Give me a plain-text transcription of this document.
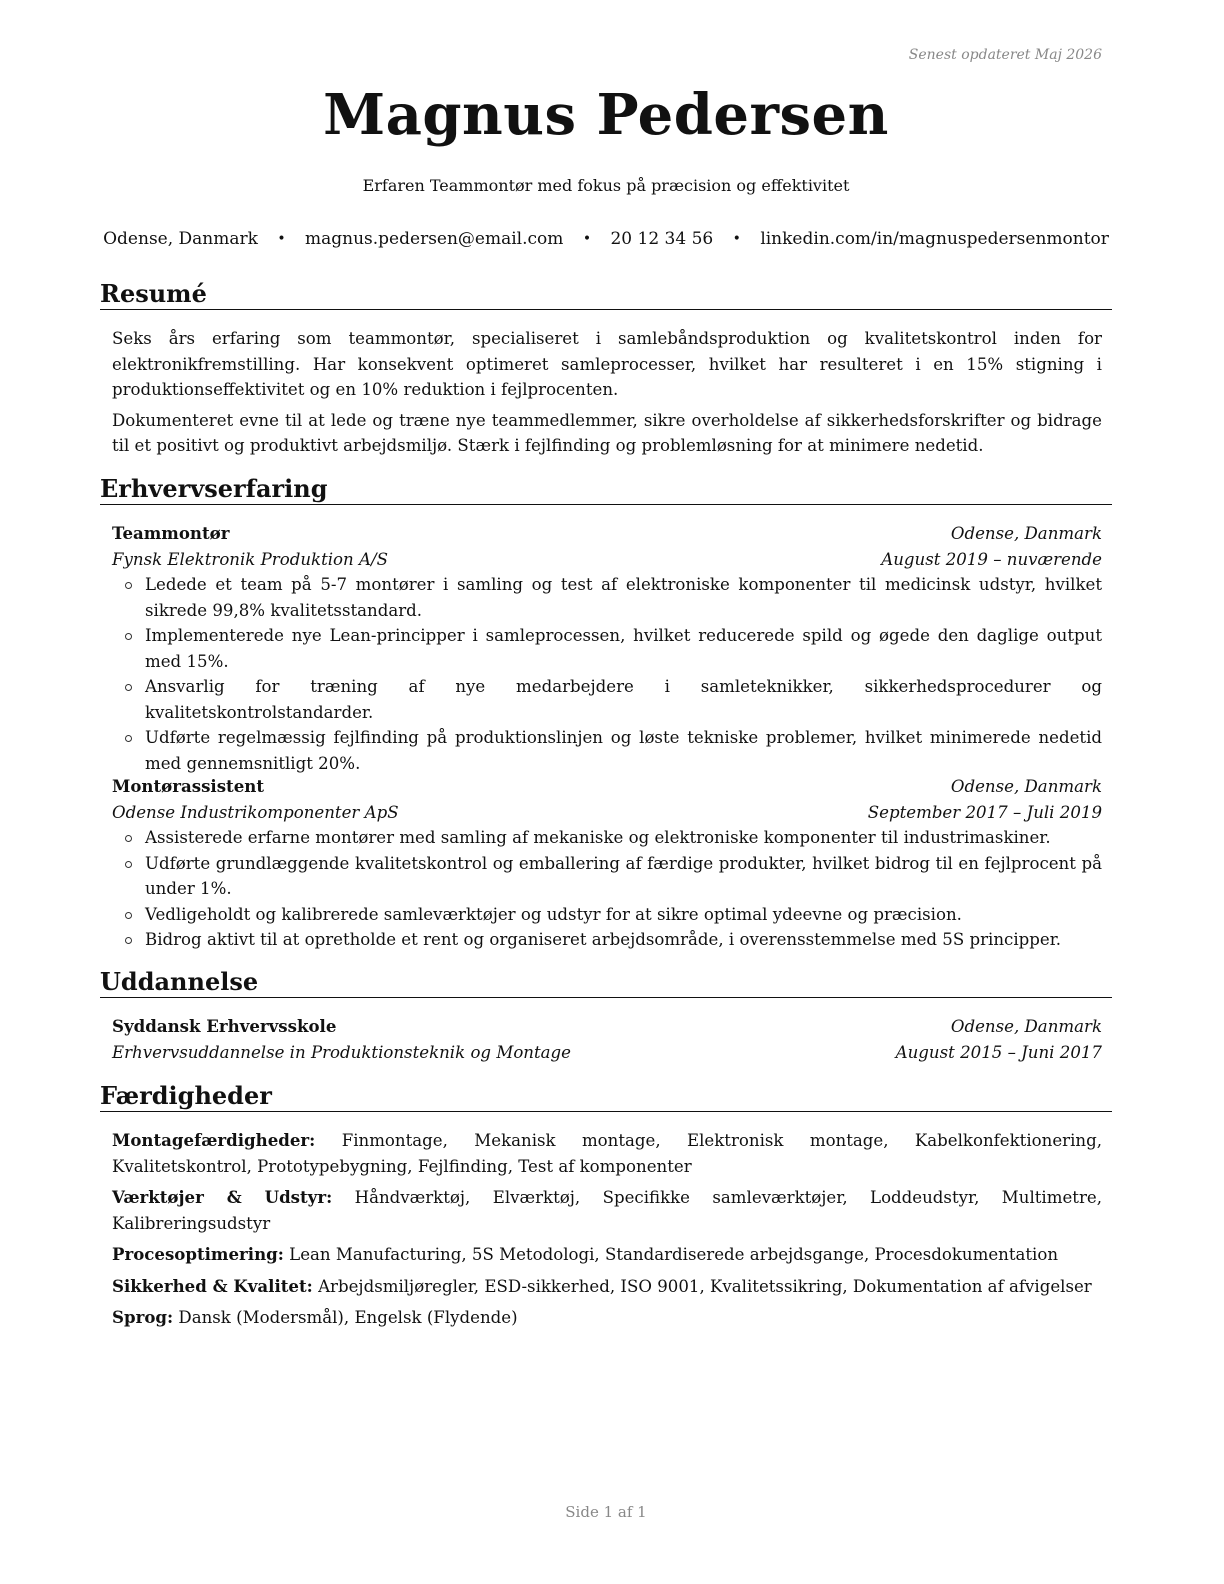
Senest opdateret Maj 2026
Magnus Pedersen
Erfaren Teammontør med fokus på præcision og effektivitet
Odense, Danmark • magnus.pedersen@email.com • 20 12 34 56 • linkedin.com/in/magnuspedersenmontor
Resumé

Seks års erfaring som teammontør, specialiseret i samlebåndsproduktion og kvalitetskontrol inden for elektronikfremstilling. Har konsekvent optimeret samleprocesser, hvilket har resulteret i en 15% stigning i produktionseffektivitet og en 10% reduktion i fejlprocenten.

Dokumenteret evne til at lede og træne nye teammedlemmer, sikre overholdelse af sikkerhedsforskrifter og bidrage til et positivt og produktivt arbejdsmiljø. Stærk i fejlfinding og problemløsning for at minimere nedetid.

Erhvervserfaring
Teammontør	Odense, Danmark
Fynsk Elektronik Produktion A/S	August 2019 – nuværende
Ledede et team på 5-7 montører i samling og test af elektroniske komponenter til medicinsk udstyr, hvilket sikrede 99,8% kvalitetsstandard.
Implementerede nye Lean-principper i samleprocessen, hvilket reducerede spild og øgede den daglige output med 15%.
Ansvarlig for træning af nye medarbejdere i samleteknikker, sikkerhedsprocedurer og kvalitetskontrolstandarder.
Udførte regelmæssig fejlfinding på produktionslinjen og løste tekniske problemer, hvilket minimerede nedetid med gennemsnitligt 20%.
Montørassistent	Odense, Danmark
Odense Industrikomponenter ApS	September 2017 – Juli 2019
Assisterede erfarne montører med samling af mekaniske og elektroniske komponenter til industrimaskiner.
Udførte grundlæggende kvalitetskontrol og emballering af færdige produkter, hvilket bidrog til en fejlprocent på under 1%.
Vedligeholdt og kalibrerede samleværktøjer og udstyr for at sikre optimal ydeevne og præcision.
Bidrog aktivt til at opretholde et rent og organiseret arbejdsområde, i overensstemmelse med 5S principper.
Uddannelse
Syddansk Erhvervsskole	Odense, Danmark
Erhvervsuddannelse in Produktionsteknik og Montage	August 2015 – Juni 2017
Færdigheder

Montagefærdigheder: Finmontage, Mekanisk montage, Elektronisk montage, Kabelkonfektionering, Kvalitetskontrol, Prototypebygning, Fejlfinding, Test af komponenter

Værktøjer & Udstyr: Håndværktøj, Elværktøj, Specifikke samleværktøjer, Loddeudstyr, Multimetre, Kalibreringsudstyr

Procesoptimering: Lean Manufacturing, 5S Metodologi, Standardiserede arbejdsgange, Procesdokumentation

Sikkerhed & Kvalitet: Arbejdsmiljøregler, ESD-sikkerhed, ISO 9001, Kvalitetssikring, Dokumentation af afvigelser

Sprog: Dansk (Modersmål), Engelsk (Flydende)

Side 1 af 1
